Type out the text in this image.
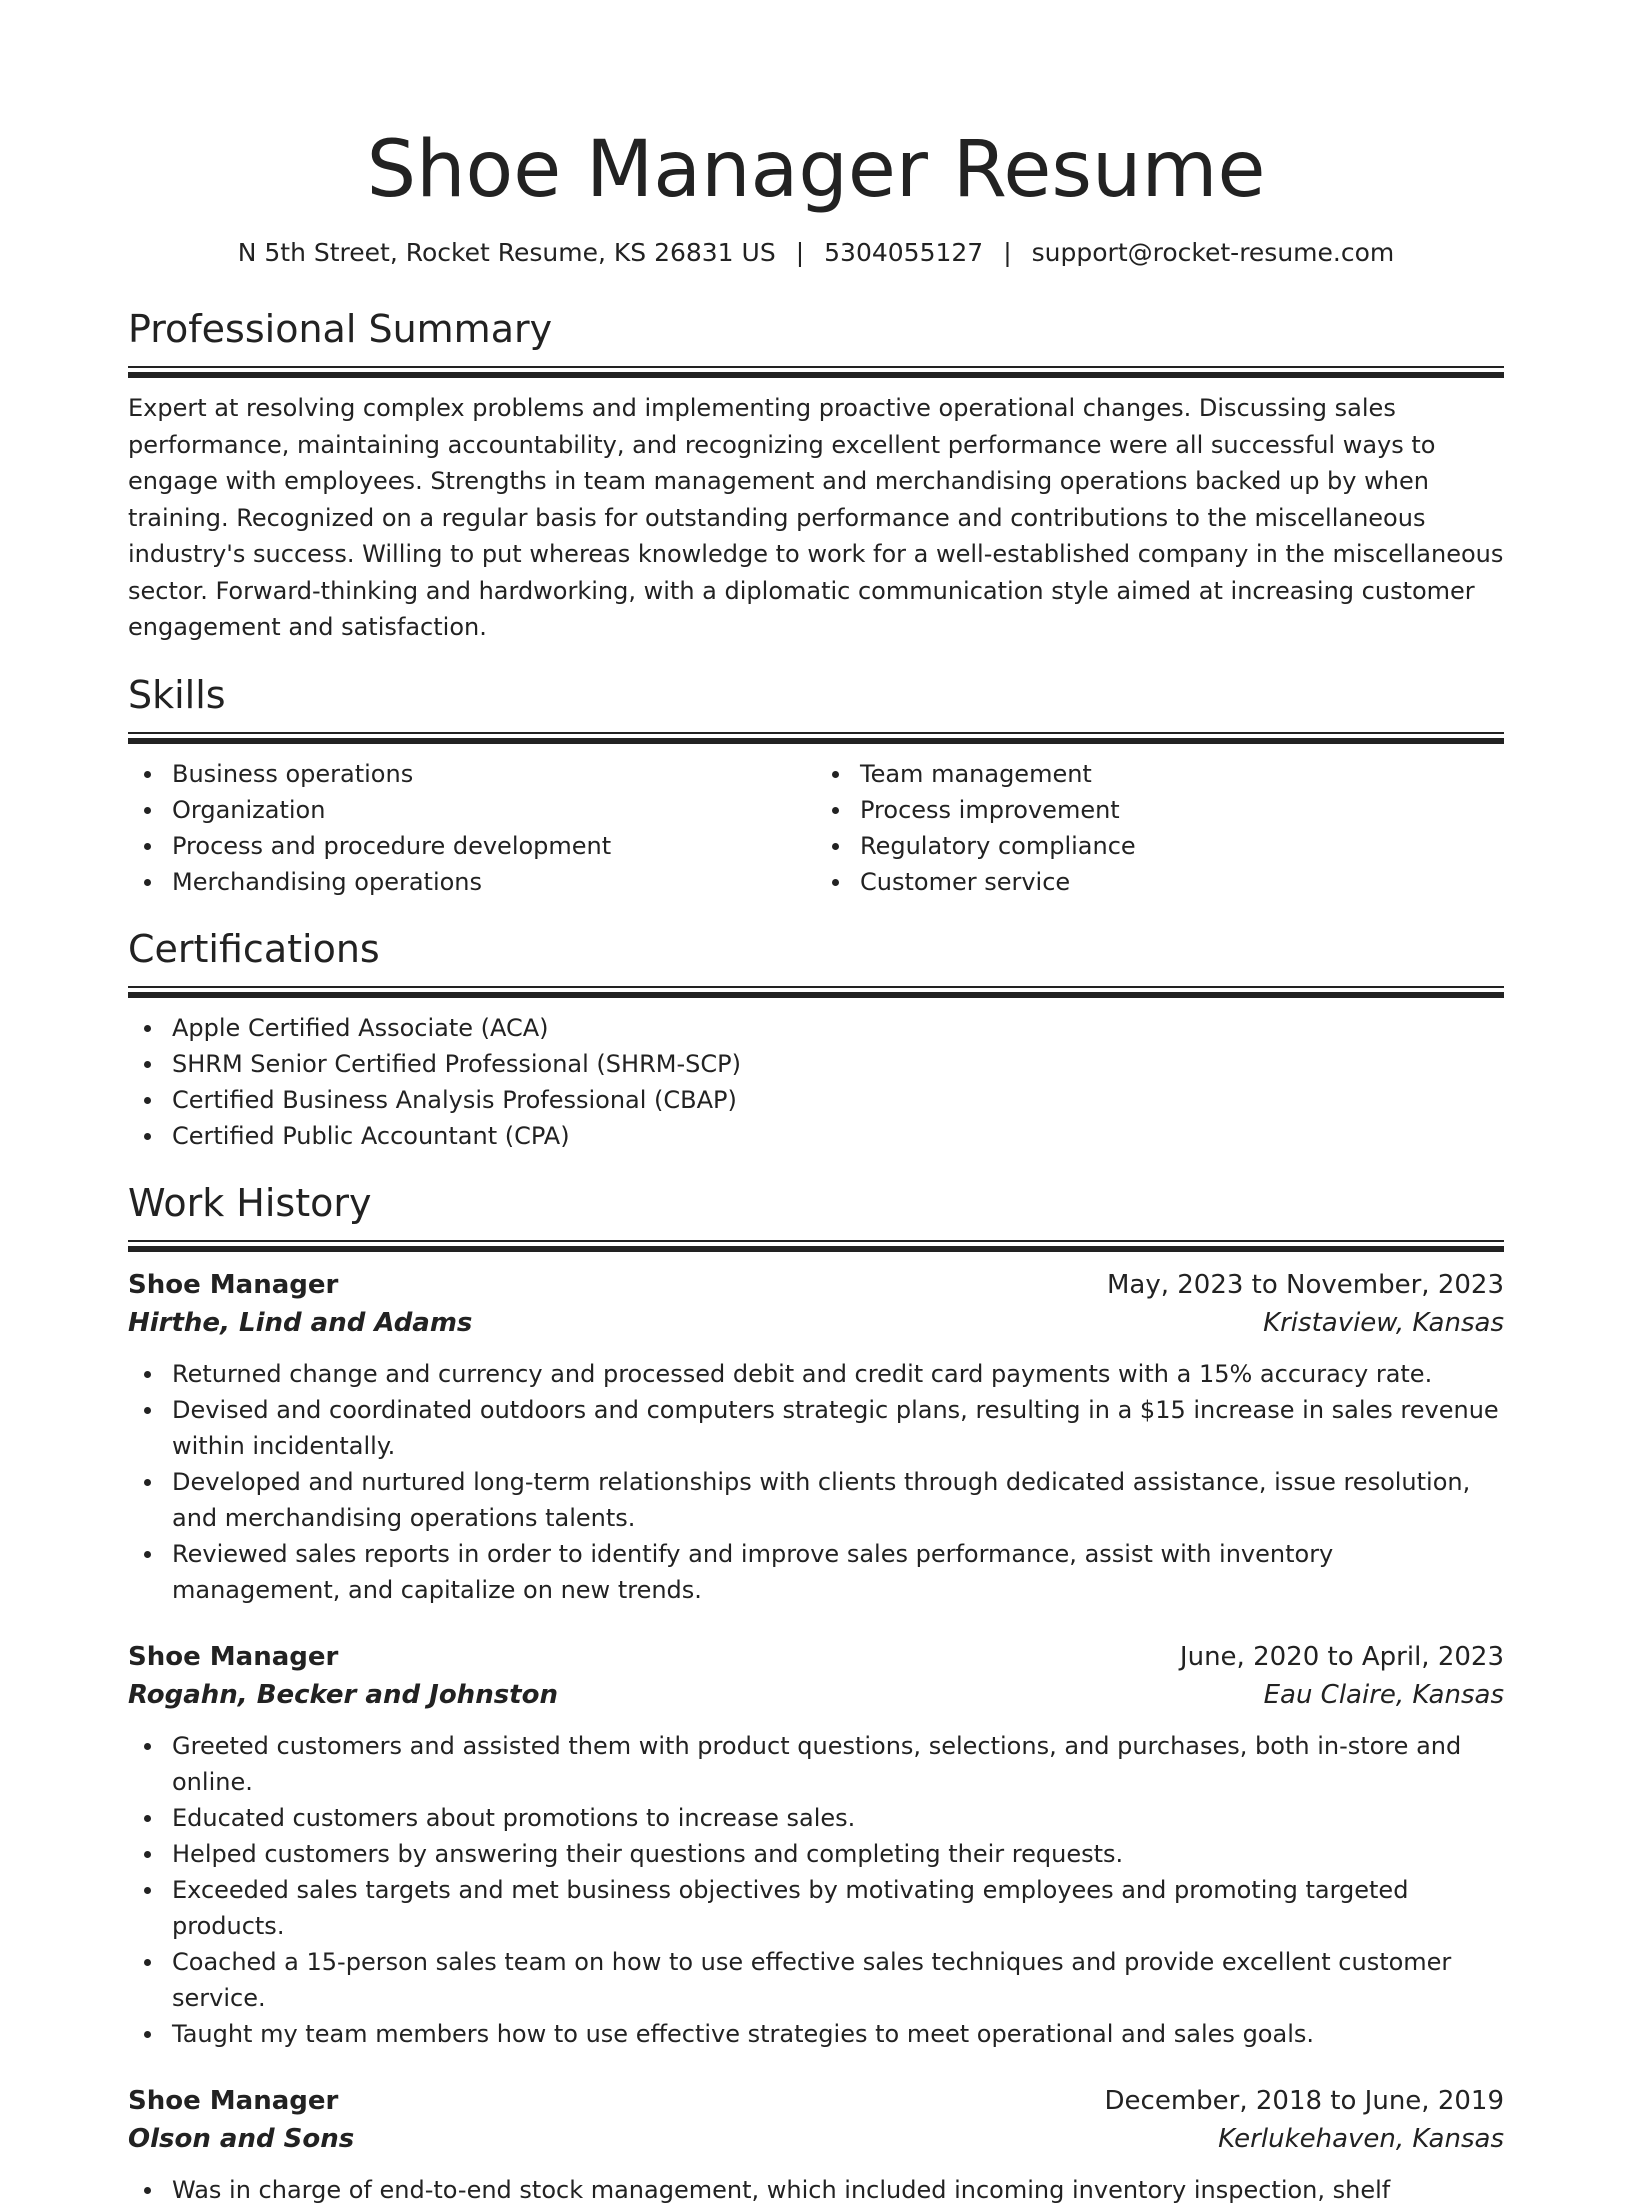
Shoe Manager Resume
N 5th Street, Rocket Resume, KS 26831 US | 5304055127 | support@rocket-resume.com
Professional Summary

Expert at resolving complex problems and implementing proactive operational changes. Discussing sales performance, maintaining accountability, and recognizing excellent performance were all successful ways to engage with employees. Strengths in team management and merchandising operations backed up by when training. Recognized on a regular basis for outstanding performance and contributions to the miscellaneous industry's success. Willing to put whereas knowledge to work for a well-established company in the miscellaneous sector. Forward-thinking and hardworking, with a diplomatic communication style aimed at increasing customer engagement and satisfaction.

Skills
Business operations
Organization
Process and procedure development
Merchandising operations
Team management
Process improvement
Regulatory compliance
Customer service
Certifications
Apple Certified Associate (ACA)
SHRM Senior Certified Professional (SHRM-SCP)
Certified Business Analysis Professional (CBAP)
Certified Public Accountant (CPA)
Work History
Shoe Manager	May, 2023 to November, 2023
Hirthe, Lind and Adams	Kristaview, Kansas
Returned change and currency and processed debit and credit card payments with a 15% accuracy rate.
Devised and coordinated outdoors and computers strategic plans, resulting in a $15 increase in sales revenue within incidentally.
Developed and nurtured long-term relationships with clients through dedicated assistance, issue resolution, and merchandising operations talents.
Reviewed sales reports in order to identify and improve sales performance, assist with inventory management, and capitalize on new trends.
Shoe Manager	June, 2020 to April, 2023
Rogahn, Becker and Johnston	Eau Claire, Kansas
Greeted customers and assisted them with product questions, selections, and purchases, both in-store and online.
Educated customers about promotions to increase sales.
Helped customers by answering their questions and completing their requests.
Exceeded sales targets and met business objectives by motivating employees and promoting targeted products.
Coached a 15-person sales team on how to use effective sales techniques and provide excellent customer service.
Taught my team members how to use effective strategies to meet operational and sales goals.
Shoe Manager	December, 2018 to June, 2019
Olson and Sons	Kerlukehaven, Kansas
Was in charge of end-to-end stock management, which included incoming inventory inspection, shelf
